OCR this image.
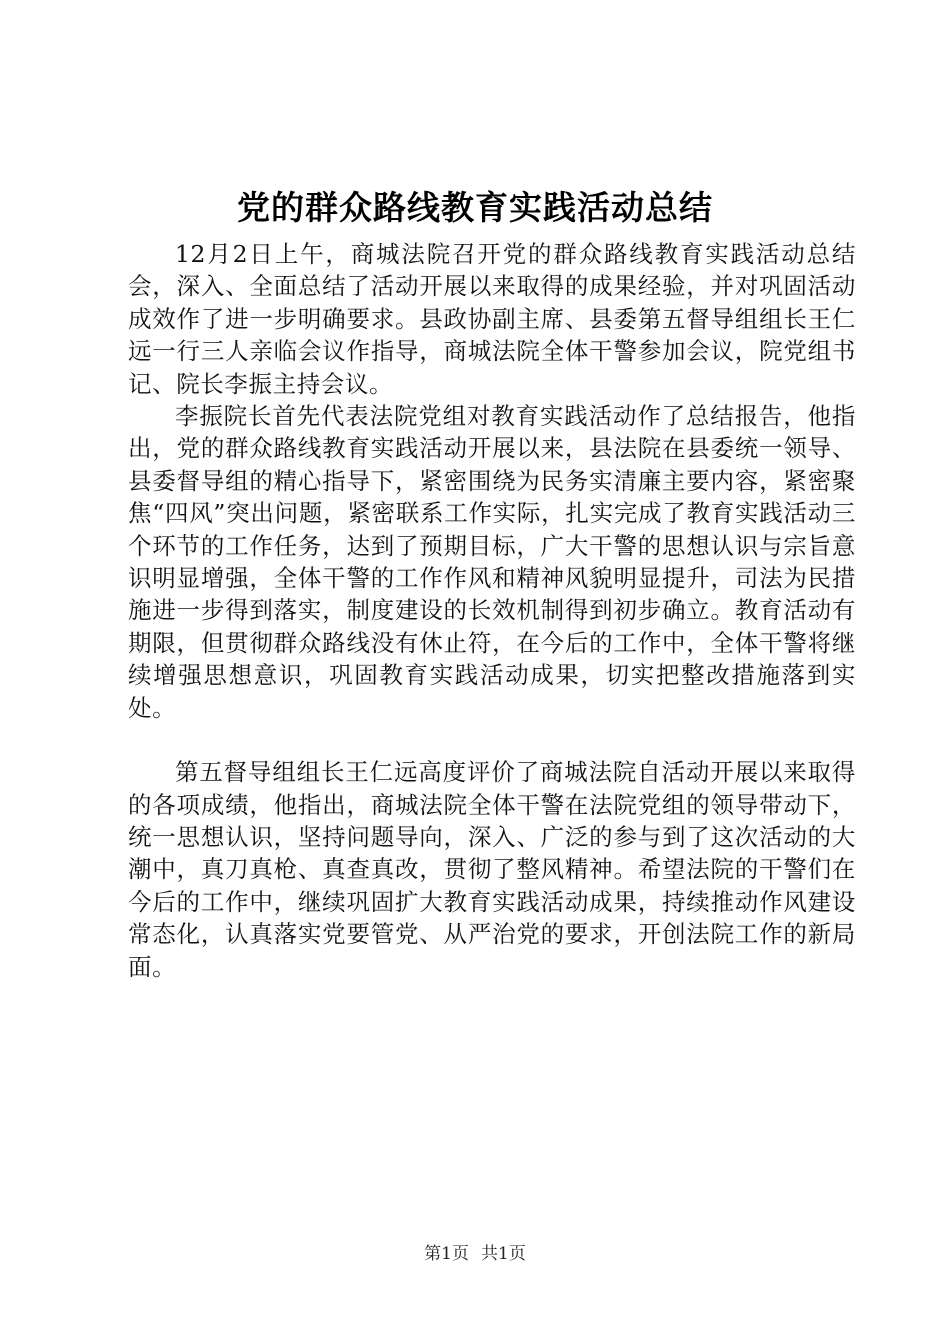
党的群众路线教育实践活动总结

12月2日上午，商城法院召开党的群众路线教育实践活动总结会，深入、全面总结了活动开展以来取得的成果经验，并对巩固活动成效作了进一步明确要求。县政协副主席、县委第五督导组组长王仁远一行三人亲临会议作指导，商城法院全体干警参加会议，院党组书记、院长李振主持会议。

李振院长首先代表法院党组对教育实践活动作了总结报告，他指出，党的群众路线教育实践活动开展以来，县法院在县委统一领导、县委督导组的精心指导下，紧密围绕为民务实清廉主要内容，紧密聚焦“四风”突出问题，紧密联系工作实际，扎实完成了教育实践活动三个环节的工作任务，达到了预期目标，广大干警的思想认识与宗旨意识明显增强，全体干警的工作作风和精神风貌明显提升，司法为民措施进一步得到落实，制度建设的长效机制得到初步确立。教育活动有期限，但贯彻群众路线没有休止符，在今后的工作中，全体干警将继续增强思想意识，巩固教育实践活动成果，切实把整改措施落到实处。

第五督导组组长王仁远高度评价了商城法院自活动开展以来取得的各项成绩，他指出，商城法院全体干警在法院党组的领导带动下，统一思想认识，坚持问题导向，深入、广泛的参与到了这次活动的大潮中，真刀真枪、真查真改，贯彻了整风精神。希望法院的干警们在今后的工作中，继续巩固扩大教育实践活动成果，持续推动作风建设常态化，认真落实党要管党、从严治党的要求，开创法院工作的新局面。

第1页 共1页
